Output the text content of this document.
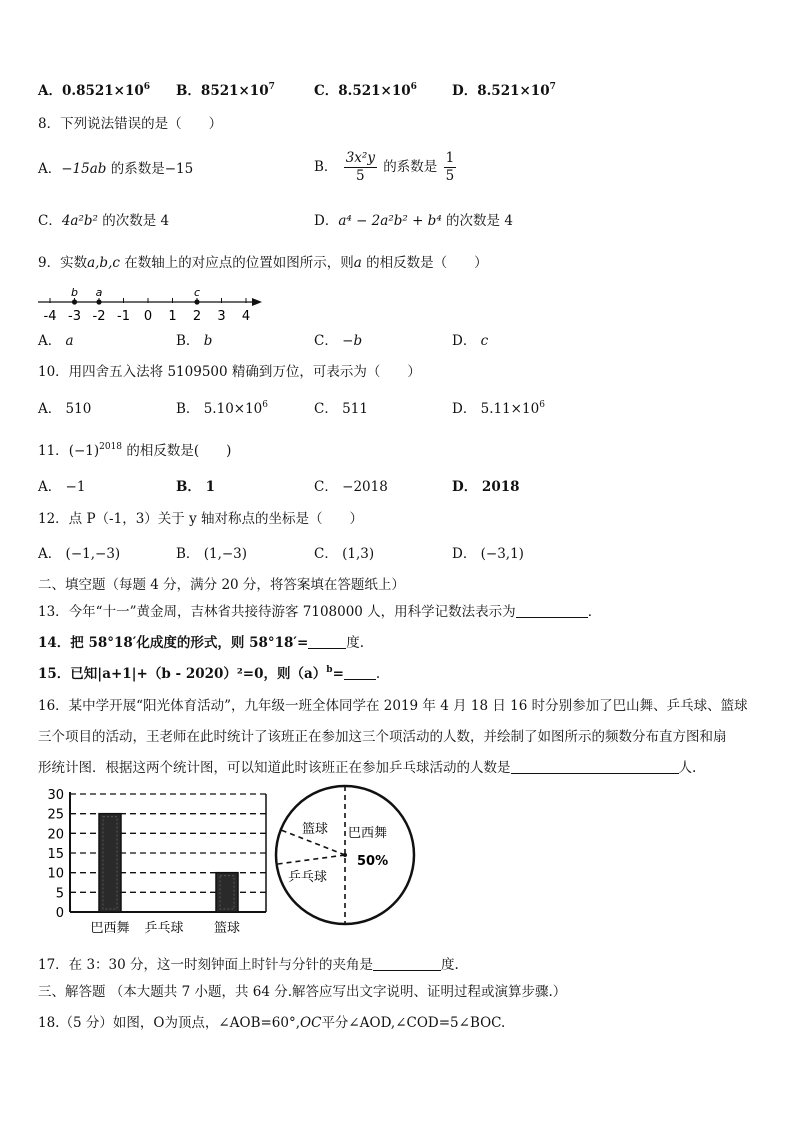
A．$0.8521\times 10^6$ B．$8521\times 10^7$	C．$8.521\times 10^6$	D．$8.521\times 10^7$
8．下列说法错误的是（　　）
A．−15ab 的系数是−15	B． $\frac{\text{3x²y}}{5}$ 的系数是 $\frac{1}{5}$
C．4a²b² 的次数是 4	D．a⁴ − 2a²b² + b⁴ 的次数是 4
9．实数a,b,c 在数轴上的对应点的位置如图所示，则a 的相反数是（　　）
-4 -3 -2 -1 0 1 2 3 4
b a	c
A． a	B． b	C． −b	D． c
10．用四舍五入法将 5109500 精确到万位，可表示为（　　）
A． 510	B． $5.10\times 10^6$	C． 511	D． $5.11\times 10^6$
11．$(-1)^{2018}$ 的相反数是(　　)
A． −1	B． 1	C． −2018	D． 2018
12．点 P（-1，3）关于 y 轴对称点的坐标是（　　）
A． (−1,−3)	B． (1,−3)	C． (1,3)	D． (−3,1)
二、填空题（每题 4 分，满分 20 分，将答案填在答题纸上）
13．今年“十一”黄金周，吉林省共接待游客 7108000 人，用科学记数法表示为	．
14．把 58°18′化成度的形式，则 58°18′=	度.
15．已知|a+1|+（b - 2020）²=0，则$(a)^b=$ .
16．某中学开展“阳光体育活动”，九年级一班全体同学在 2019 年 4 月 18 日 16 时分别参加了巴山舞、乒乓球、篮球
三个项目的活动，王老师在此时统计了该班正在参加这三个项活动的人数，并绘制了如图所示的频数分布直方图和扇
形统计图．根据这两个统计图，可以知道此时该班正在参加乒乓球活动的人数是	人.
0
5
10
15
20
25
30
巴西舞 乒乓球 篮球
巴西舞
篮球
乒乓球
50%
17．在 3：30 分，这一时刻钟面上时针与分针的夹角是	度.
三、解答题 （本大题共 7 小题，共 64 分.解答应写出文字说明、证明过程或演算步骤.）
18.（5 分）如图，O为顶点，∠AOB=60°,OC平分∠AOD,∠COD=5∠BOC.
